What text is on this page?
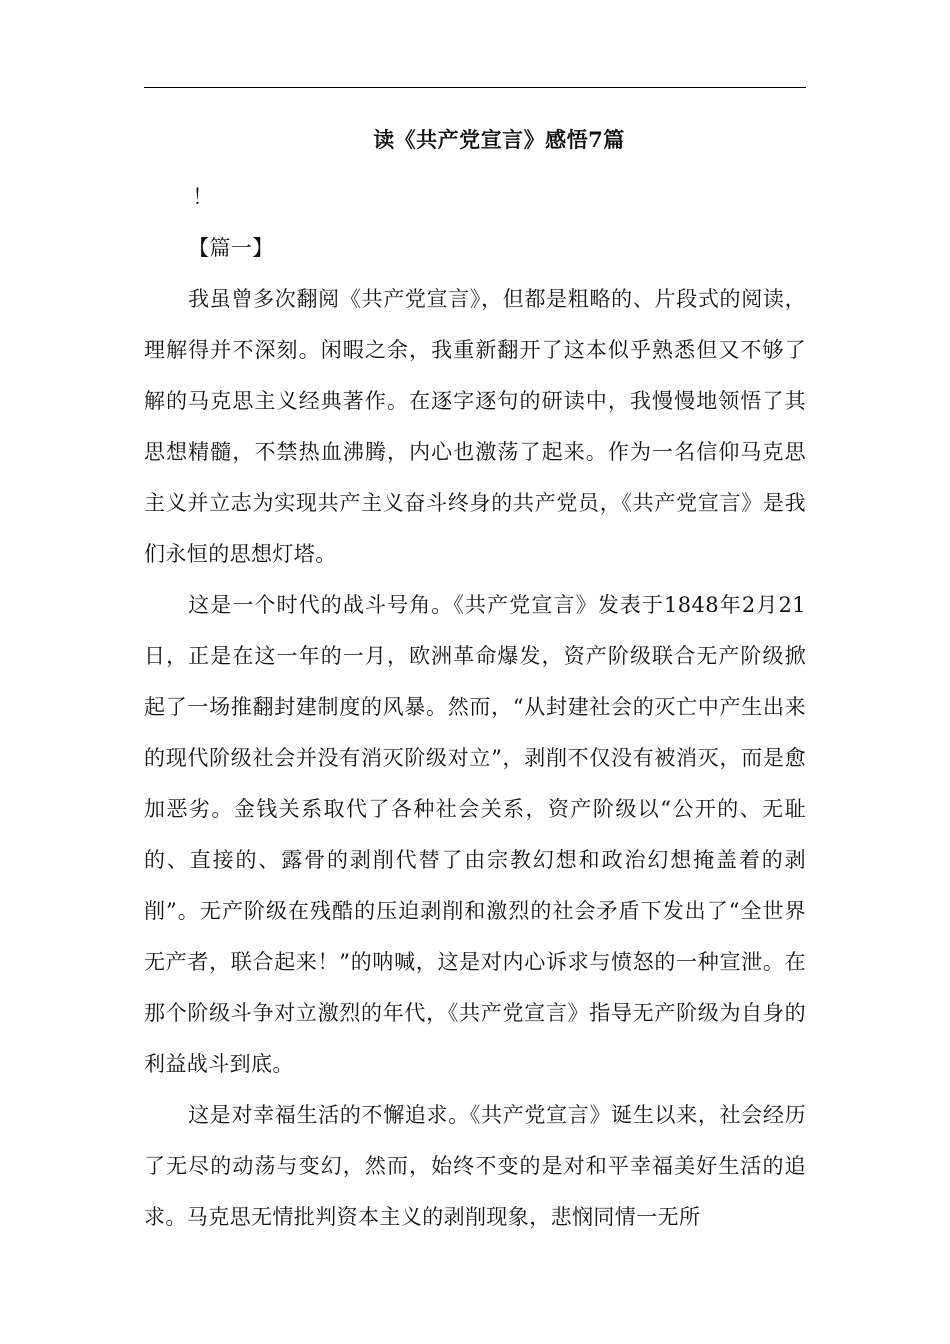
读《共产党宣言》感悟7篇

！

【篇一】

我虽曾多次翻阅《共产党宣言》，但都是粗略的、片段式的阅读，理解得并不深刻。闲暇之余，我重新翻开了这本似乎熟悉但又不够了解的马克思主义经典著作。在逐字逐句的研读中，我慢慢地领悟了其思想精髓，不禁热血沸腾，内心也激荡了起来。作为一名信仰马克思主义并立志为实现共产主义奋斗终身的共产党员，《共产党宣言》是我们永恒的思想灯塔。

这是一个时代的战斗号角。《共产党宣言》发表于1848年2月21日，正是在这一年的一月，欧洲革命爆发，资产阶级联合无产阶级掀起了一场推翻封建制度的风暴。然而，“从封建社会的灭亡中产生出来的现代阶级社会并没有消灭阶级对立”，剥削不仅没有被消灭，而是愈加恶劣。金钱关系取代了各种社会关系，资产阶级以“公开的、无耻的、直接的、露骨的剥削代替了由宗教幻想和政治幻想掩盖着的剥削”。无产阶级在残酷的压迫剥削和激烈的社会矛盾下发出了“全世界无产者，联合起来！”的呐喊，这是对内心诉求与愤怒的一种宣泄。在那个阶级斗争对立激烈的年代，《共产党宣言》指导无产阶级为自身的利益战斗到底。

这是对幸福生活的不懈追求。《共产党宣言》诞生以来，社会经历了无尽的动荡与变幻，然而，始终不变的是对和平幸福美好生活的追求。马克思无情批判资本主义的剥削现象，悲悯同情一无所
